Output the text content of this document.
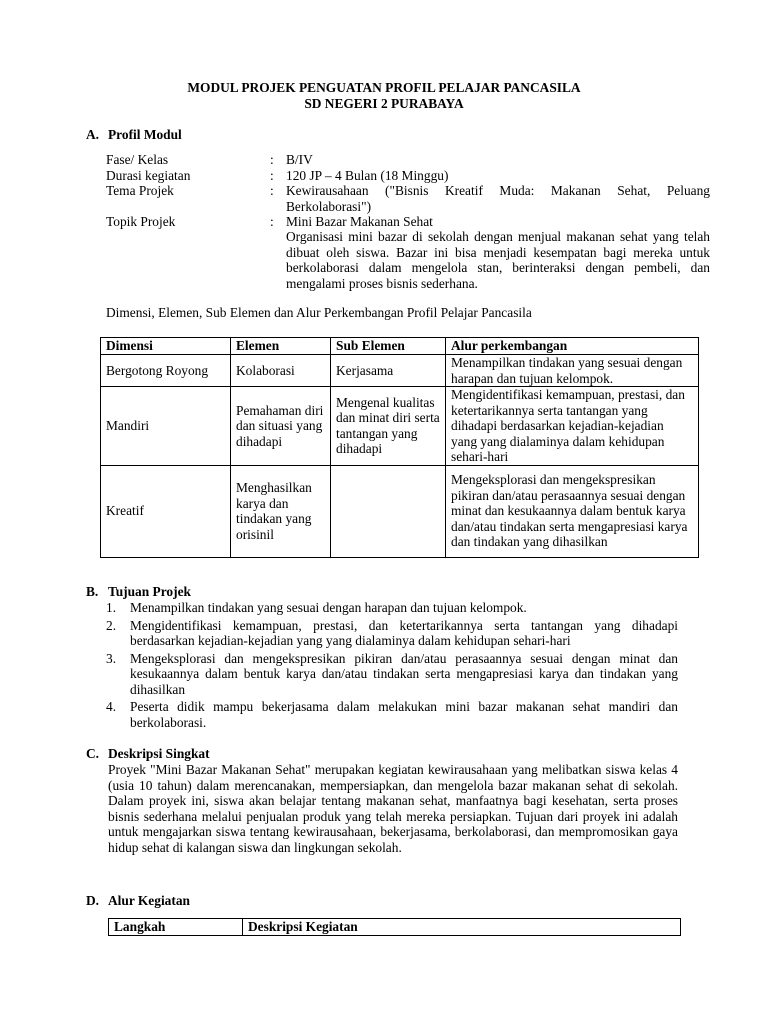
MODUL PROJEK PENGUATAN PROFIL PELAJAR PANCASILA
SD NEGERI 2 PURABAYA
A. Profil Modul
Fase/ Kelas	: B/IV
Durasi kegiatan	: 120 JP – 4 Bulan (18 Minggu)
Tema Projek	: Kewirausahaan ("Bisnis Kreatif Muda: Makanan Sehat, Peluang Berkolaborasi")
Topik Projek	: Mini Bazar Makanan Sehat
Organisasi mini bazar di sekolah dengan menjual makanan sehat yang telah dibuat oleh siswa. Bazar ini bisa menjadi kesempatan bagi mereka untuk berkolaborasi dalam mengelola stan, berinteraksi dengan pembeli, dan mengalami proses bisnis sederhana.
Dimensi, Elemen, Sub Elemen dan Alur Perkembangan Profil Pelajar Pancasila
Dimensi	Elemen	Sub Elemen	Alur perkembangan
Bergotong Royong	Kolaborasi	Kerjasama	Menampilkan tindakan yang sesuai dengan harapan dan tujuan kelompok.
Mandiri	Pemahaman diri dan situasi yang dihadapi	Mengenal kualitas dan minat diri serta tantangan yang dihadapi	Mengidentifikasi kemampuan, prestasi, dan ketertarikannya serta tantangan yang dihadapi berdasarkan kejadian-kejadian yang yang dialaminya dalam kehidupan sehari-hari
Kreatif	Menghasilkan karya dan tindakan yang orisinil		Mengeksplorasi dan mengekspresikan pikiran dan/atau perasaannya sesuai dengan minat dan kesukaannya dalam bentuk karya dan/atau tindakan serta mengapresiasi karya dan tindakan yang dihasilkan
B. Tujuan Projek
1. Menampilkan tindakan yang sesuai dengan harapan dan tujuan kelompok.
2. Mengidentifikasi kemampuan, prestasi, dan ketertarikannya serta tantangan yang dihadapi berdasarkan kejadian-kejadian yang yang dialaminya dalam kehidupan sehari-hari
3. Mengeksplorasi dan mengekspresikan pikiran dan/atau perasaannya sesuai dengan minat dan kesukaannya dalam bentuk karya dan/atau tindakan serta mengapresiasi karya dan tindakan yang dihasilkan
4. Peserta didik mampu bekerjasama dalam melakukan mini bazar makanan sehat mandiri dan berkolaborasi.
C. Deskripsi Singkat
Proyek "Mini Bazar Makanan Sehat" merupakan kegiatan kewirausahaan yang melibatkan siswa kelas 4 (usia 10 tahun) dalam merencanakan, mempersiapkan, dan mengelola bazar makanan sehat di sekolah. Dalam proyek ini, siswa akan belajar tentang makanan sehat, manfaatnya bagi kesehatan, serta proses bisnis sederhana melalui penjualan produk yang telah mereka persiapkan. Tujuan dari proyek ini adalah untuk mengajarkan siswa tentang kewirausahaan, bekerjasama, berkolaborasi, dan mempromosikan gaya hidup sehat di kalangan siswa dan lingkungan sekolah.
D. Alur Kegiatan
Langkah	Deskripsi Kegiatan
